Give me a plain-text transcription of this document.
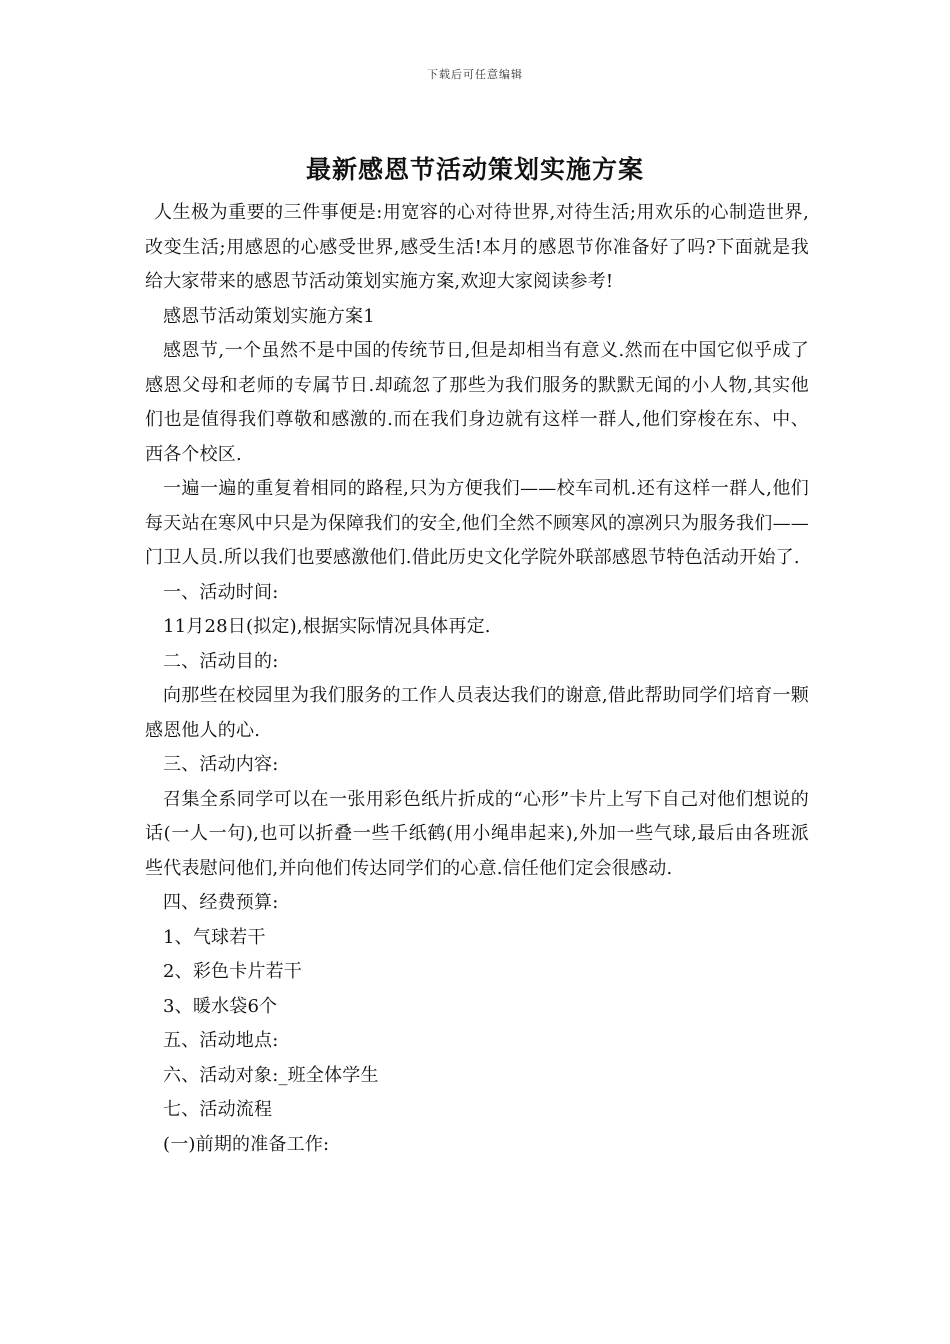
下载后可任意编辑
最新感恩节活动策划实施方案

人生极为重要的三件事便是:用宽容的心对待世界,对待生活;用欢乐的心制造世界,改变生活;用感恩的心感受世界,感受生活!本月的感恩节你准备好了吗?下面就是我给大家带来的感恩节活动策划实施方案,欢迎大家阅读参考!

感恩节活动策划实施方案1

感恩节,一个虽然不是中国的传统节日,但是却相当有意义.然而在中国它似乎成了感恩父母和老师的专属节日.却疏忽了那些为我们服务的默默无闻的小人物,其实他们也是值得我们尊敬和感激的.而在我们身边就有这样一群人,他们穿梭在东、中、西各个校区.

一遍一遍的重复着相同的路程,只为方便我们——校车司机.还有这样一群人,他们每天站在寒风中只是为保障我们的安全,他们全然不顾寒风的凛冽只为服务我们——门卫人员.所以我们也要感激他们.借此历史文化学院外联部感恩节特色活动开始了.

一、活动时间:

11月28日(拟定),根据实际情况具体再定.

二、活动目的:

向那些在校园里为我们服务的工作人员表达我们的谢意,借此帮助同学们培育一颗感恩他人的心.

三、活动内容:

召集全系同学可以在一张用彩色纸片折成的“心形”卡片上写下自己对他们想说的话(一人一句),也可以折叠一些千纸鹤(用小绳串起来),外加一些气球,最后由各班派些代表慰问他们,并向他们传达同学们的心意.信任他们定会很感动.

四、经费预算:

1、气球若干

2、彩色卡片若干

3、暖水袋6个

五、活动地点:

六、活动对象:_班全体学生

七、活动流程

(一)前期的准备工作:
